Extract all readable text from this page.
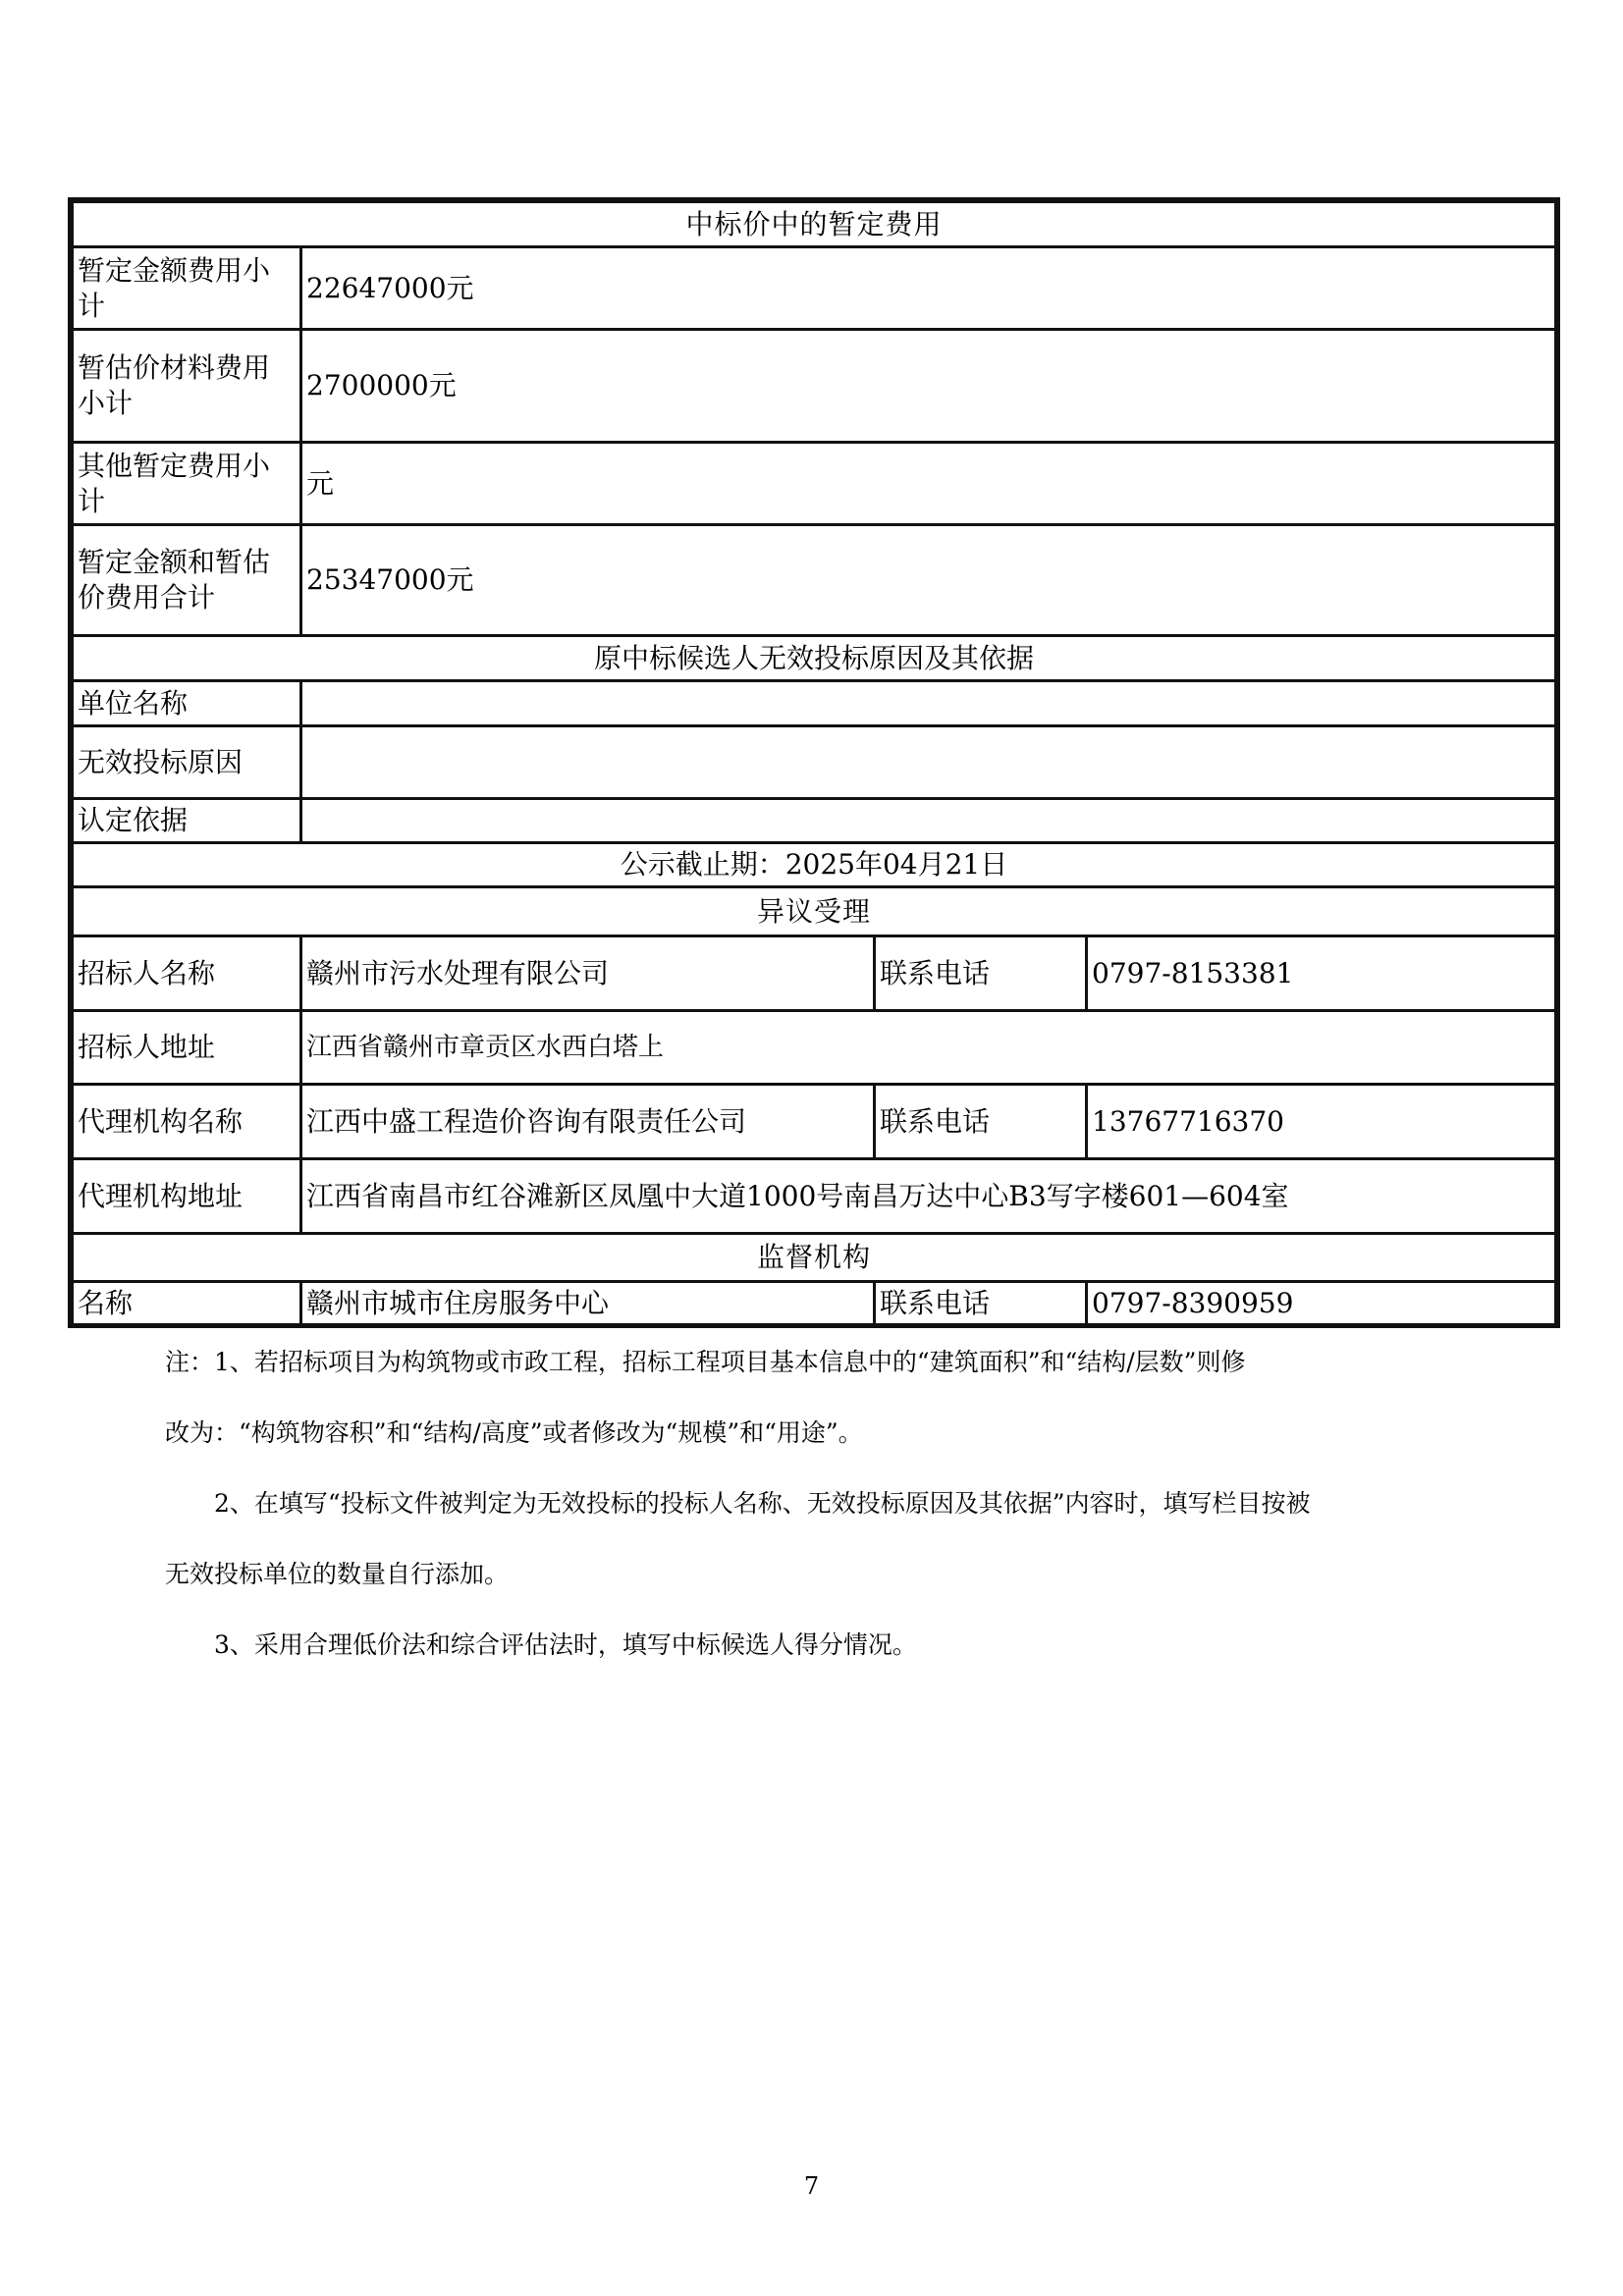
中标价中的暂定费用			
暂定金额费用小计	22647000元		
暂估价材料费用小计	2700000元		
其他暂定费用小计	元		
暂定金额和暂估价费用合计	25347000元		
原中标候选人无效投标原因及其依据			
单位名称			
无效投标原因			
认定依据			
公示截止期：2025年04月21日			
异议受理			
招标人名称	赣州市污水处理有限公司	联系电话	0797-8153381
招标人地址	江西省赣州市章贡区水西白塔上		
代理机构名称	江西中盛工程造价咨询有限责任公司	联系电话	13767716370
代理机构地址	江西省南昌市红谷滩新区凤凰中大道1000号南昌万达中心B3写字楼601—604室		
监督机构			
名称	赣州市城市住房服务中心	联系电话	0797-8390959
注：1、若招标项目为构筑物或市政工程，招标工程项目基本信息中的“建筑面积”和“结构/层数”则修
改为：“构筑物容积”和“结构/高度”或者修改为“规模”和“用途”。
2、在填写“投标文件被判定为无效投标的投标人名称、无效投标原因及其依据”内容时，填写栏目按被
无效投标单位的数量自行添加。
3、采用合理低价法和综合评估法时，填写中标候选人得分情况。
7
